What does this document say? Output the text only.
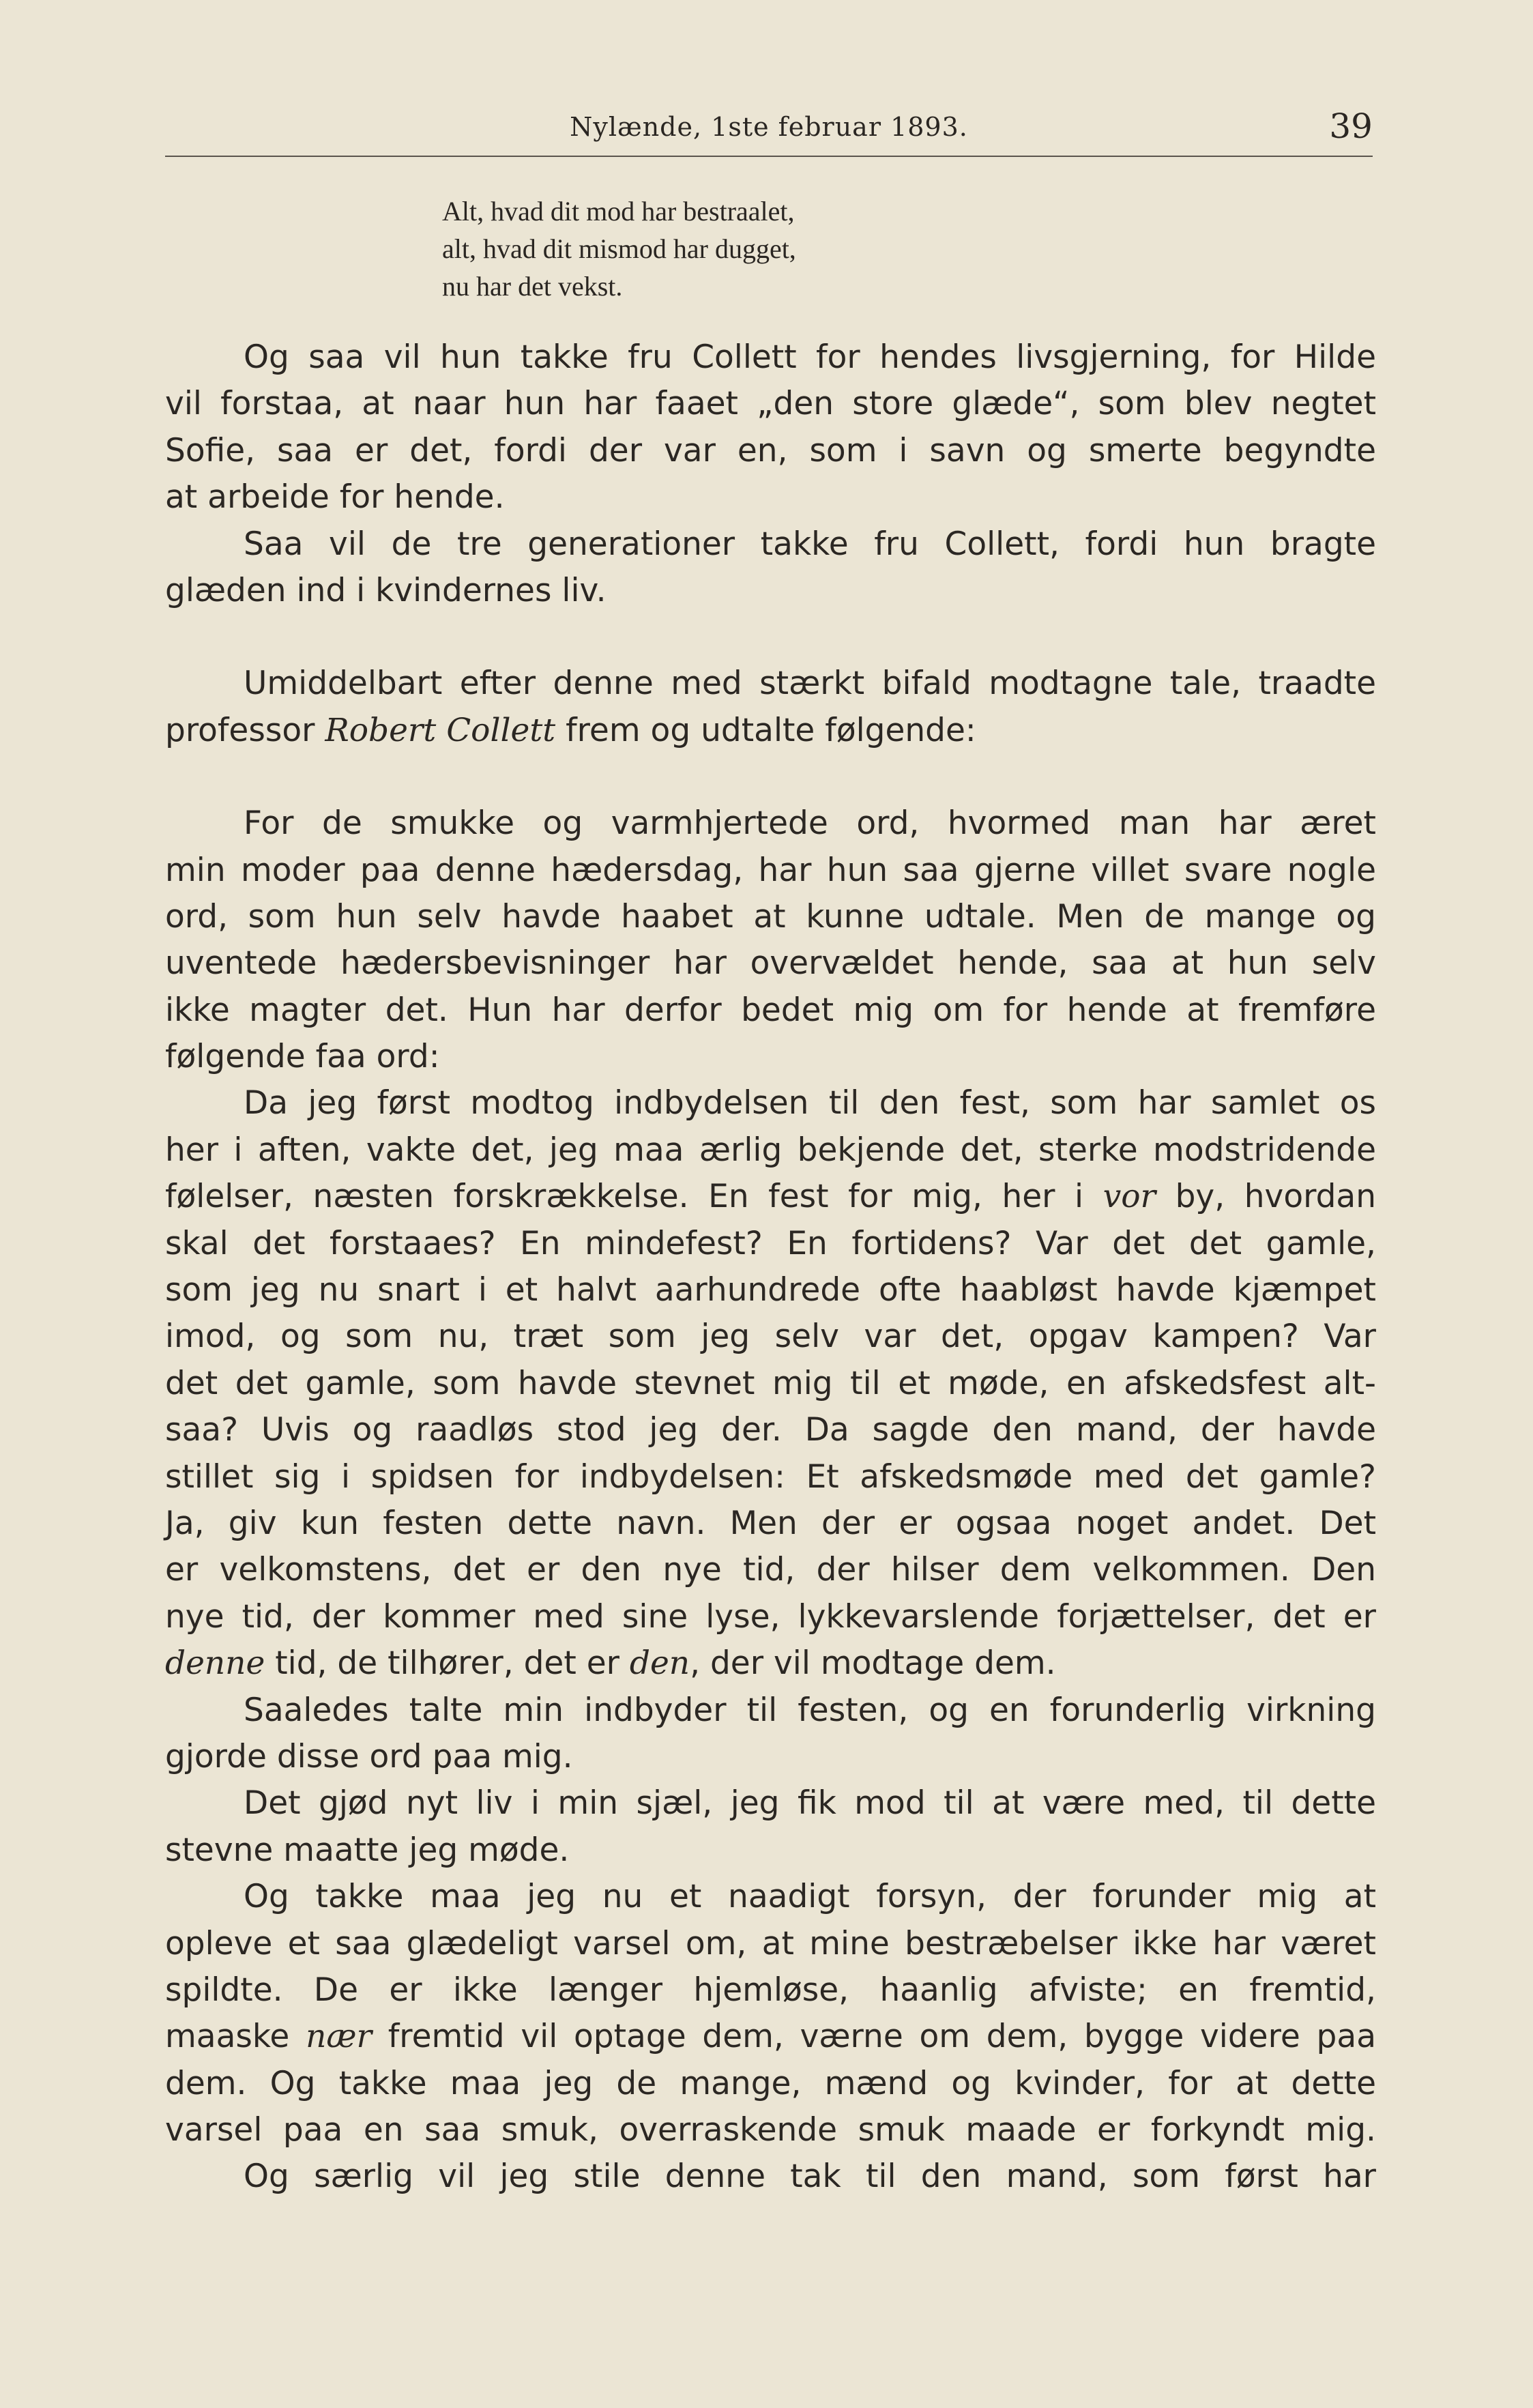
Nylænde, 1ste februar 1893.	39
Alt, hvad dit mod har bestraalet,
alt, hvad dit mismod har dugget,
nu har det vekst.
Og saa vil hun takke fru Collett for hendes livsgjerning, for Hilde
vil forstaa, at naar hun har faaet „den store glæde“, som blev negtet
Sofie, saa er det, fordi der var en, som i savn og smerte begyndte
at arbeide for hende.
Saa vil de tre generationer takke fru Collett, fordi hun bragte
glæden ind i kvindernes liv.
Umiddelbart efter denne med stærkt bifald modtagne tale, traadte
professor Robert Collett frem og udtalte følgende:
For de smukke og varmhjertede ord, hvormed man har æret
min moder paa denne hædersdag, har hun saa gjerne villet svare nogle
ord, som hun selv havde haabet at kunne udtale. Men de mange og
uventede hædersbevisninger har overvældet hende, saa at hun selv
ikke magter det. Hun har derfor bedet mig om for hende at fremføre
følgende faa ord:
Da jeg først modtog indbydelsen til den fest, som har samlet os
her i aften, vakte det, jeg maa ærlig bekjende det, sterke modstridende
følelser, næsten forskrækkelse. En fest for mig, her i vor by, hvordan
skal det forstaaes? En mindefest? En fortidens? Var det det gamle,
som jeg nu snart i et halvt aarhundrede ofte haabløst havde kjæmpet
imod, og som nu, træt som jeg selv var det, opgav kampen? Var
det det gamle, som havde stevnet mig til et møde, en afskedsfest alt-
saa? Uvis og raadløs stod jeg der. Da sagde den mand, der havde
stillet sig i spidsen for indbydelsen: Et afskedsmøde med det gamle?
Ja, giv kun festen dette navn. Men der er ogsaa noget andet. Det
er velkomstens, det er den nye tid, der hilser dem velkommen. Den
nye tid, der kommer med sine lyse, lykkevarslende forjættelser, det er
denne tid, de tilhører, det er den, der vil modtage dem.
Saaledes talte min indbyder til festen, og en forunderlig virkning
gjorde disse ord paa mig.
Det gjød nyt liv i min sjæl, jeg fik mod til at være med, til dette
stevne maatte jeg møde.
Og takke maa jeg nu et naadigt forsyn, der forunder mig at
opleve et saa glædeligt varsel om, at mine bestræbelser ikke har været
spildte. De er ikke længer hjemløse, haanlig afviste; en fremtid,
maaske nær fremtid vil optage dem, værne om dem, bygge videre paa
dem. Og takke maa jeg de mange, mænd og kvinder, for at dette
varsel paa en saa smuk, overraskende smuk maade er forkyndt mig.
Og særlig vil jeg stile denne tak til den mand, som først har
